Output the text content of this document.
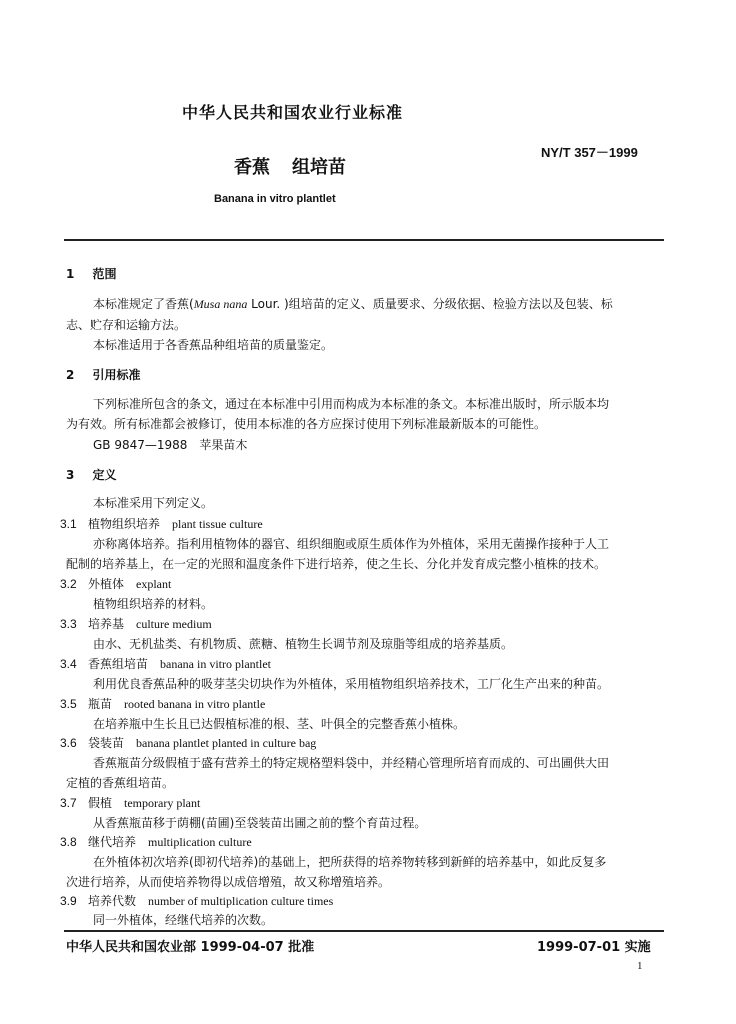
中华人民共和国农业行业标准
NY/T 357－1999
香蕉 组培苗
Banana in vitro plantlet
1 范围
本标准规定了香蕉(Musa nana Lour. )组培苗的定义、质量要求、分级依据、检验方法以及包装、标
志、贮存和运输方法。
本标准适用于各香蕉品种组培苗的质量鉴定。
2 引用标准
下列标准所包含的条文，通过在本标准中引用而构成为本标准的条文。本标准出版时，所示版本均
为有效。所有标准都会被修订，使用本标准的各方应探讨使用下列标准最新版本的可能性。
GB 9847—1988　苹果苗木
3 定义
本标准采用下列定义。
3.1 植物组织培养 plant tissue culture
亦称离体培养。指利用植物体的器官、组织细胞或原生质体作为外植体，采用无菌操作接种于人工
配制的培养基上，在一定的光照和温度条件下进行培养，使之生长、分化并发育成完整小植株的技术。
3.2 外植体 explant
植物组织培养的材料。
3.3 培养基 culture medium
由水、无机盐类、有机物质、蔗糖、植物生长调节剂及琼脂等组成的培养基质。
3.4 香蕉组培苗 banana in vitro plantlet
利用优良香蕉品种的吸芽茎尖切块作为外植体，采用植物组织培养技术，工厂化生产出来的种苗。
3.5 瓶苗 rooted banana in vitro plantle
在培养瓶中生长且已达假植标准的根、茎、叶俱全的完整香蕉小植株。
3.6 袋装苗 banana plantlet planted in culture bag
香蕉瓶苗分级假植于盛有营养土的特定规格塑料袋中，并经精心管理所培育而成的、可出圃供大田
定植的香蕉组培苗。
3.7 假植 temporary plant
从香蕉瓶苗移于荫棚(苗圃)至袋装苗出圃之前的整个育苗过程。
3.8 继代培养 multiplication culture
在外植体初次培养(即初代培养)的基础上，把所获得的培养物转移到新鲜的培养基中，如此反复多
次进行培养，从而使培养物得以成倍增殖，故又称增殖培养。
3.9 培养代数 number of multiplication culture times
同一外植体，经继代培养的次数。
中华人民共和国农业部 1999-04-07 批准	1999-07-01 实施
1
